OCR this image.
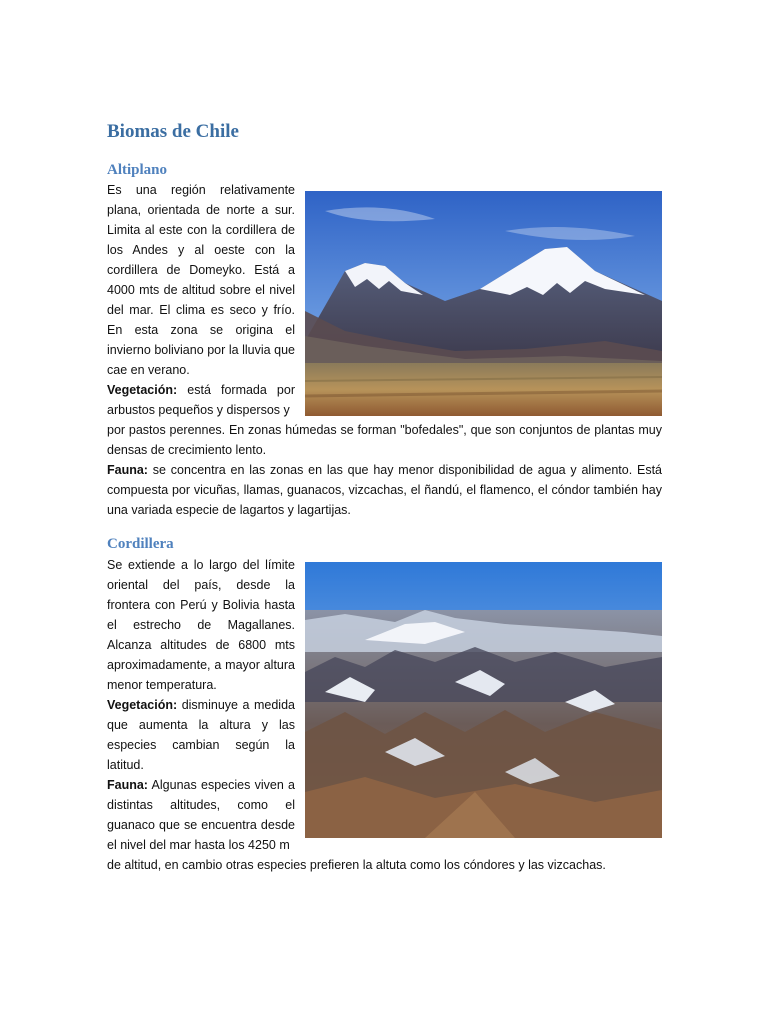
Biomas de Chile
Altiplano

Es una región relativamente plana, orientada de norte a sur. Limita al este con la cordillera de los Andes y al oeste con la cordillera de Domeyko. Está a 4000 mts de altitud sobre el nivel del mar. El clima es seco y frío. En esta zona se origina el invierno boliviano por la lluvia que cae en verano.

Vegetación: está formada por arbustos pequeños y dispersos y

por pastos perennes. En zonas húmedas se forman "bofedales", que son conjuntos de plantas muy densas de crecimiento lento.

Fauna: se concentra en las zonas en las que hay menor disponibilidad de agua y alimento. Está compuesta por vicuñas, llamas, guanacos, vizcachas, el ñandú, el flamenco, el cóndor también hay una variada especie de lagartos y lagartijas.

Cordillera

Se extiende a lo largo del límite oriental del país, desde la frontera con Perú y Bolivia hasta el estrecho de Magallanes. Alcanza altitudes de 6800 mts aproximadamente, a mayor altura menor temperatura.

Vegetación: disminuye a medida que aumenta la altura y las especies cambian según la latitud.

Fauna: Algunas especies viven a distintas altitudes, como el guanaco que se encuentra desde el nivel del mar hasta los 4250 m

de altitud, en cambio otras especies prefieren la altuta como los cóndores y las vizcachas.
